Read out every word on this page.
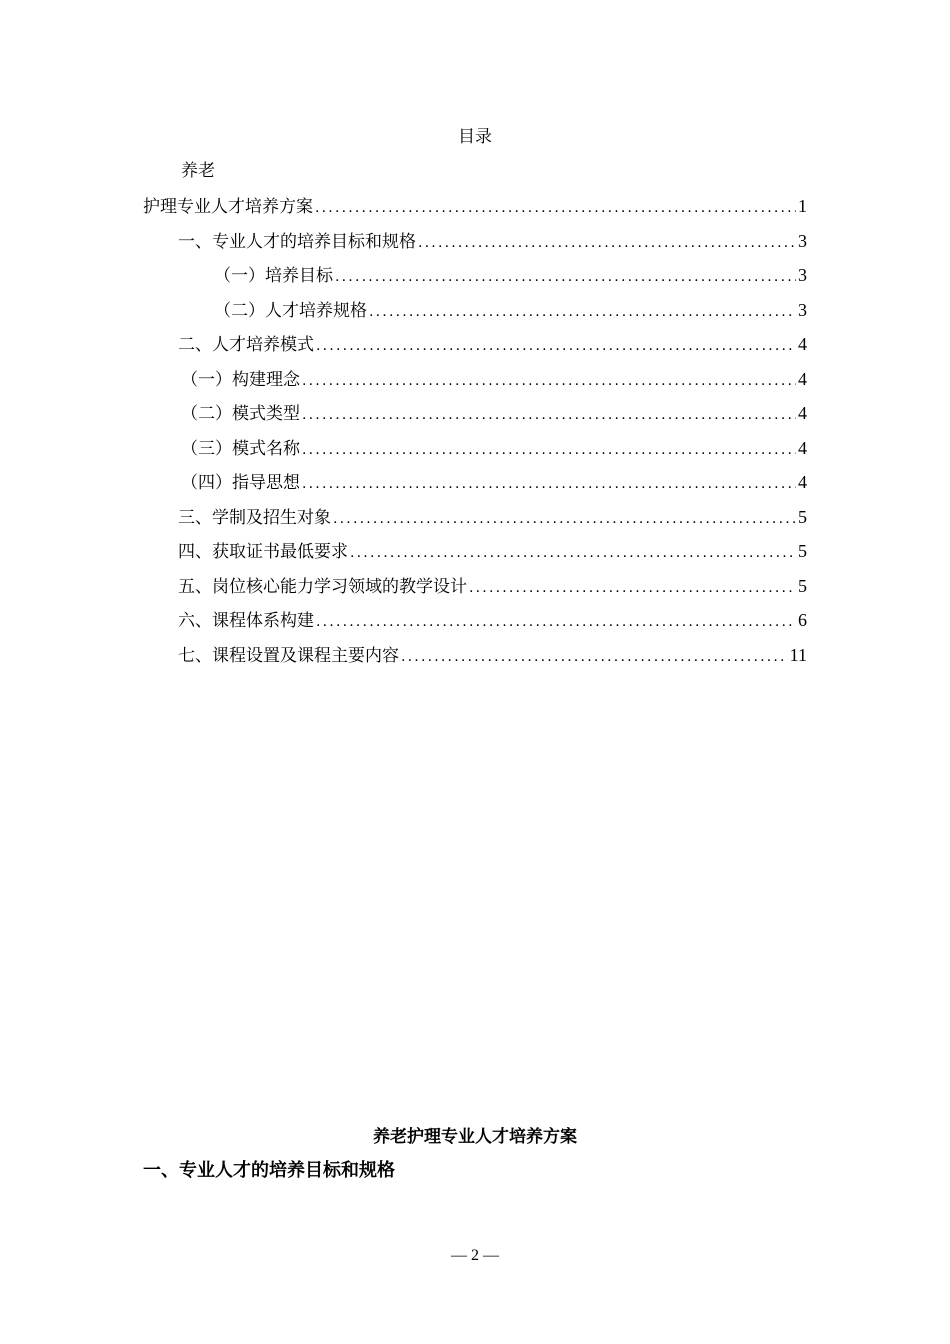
目录
养老
护理专业人才培养方案 .....	1
一、专业人才的培养目标和规格 .....	3
（一）培养目标 .....	3
（二）人才培养规格 .....	3
二、人才培养模式 .....	4
（一）构建理念 .....	4
（二）模式类型 .....	4
（三）模式名称 .....	4
（四）指导思想 .....	4
三、学制及招生对象 .....	5
四、获取证书最低要求 .....	5
五、岗位核心能力学习领域的教学设计 .....	5
六、课程体系构建 .....	6
七、课程设置及课程主要内容 .....	11
养老护理专业人才培养方案
一、专业人才的培养目标和规格
— 2 —
